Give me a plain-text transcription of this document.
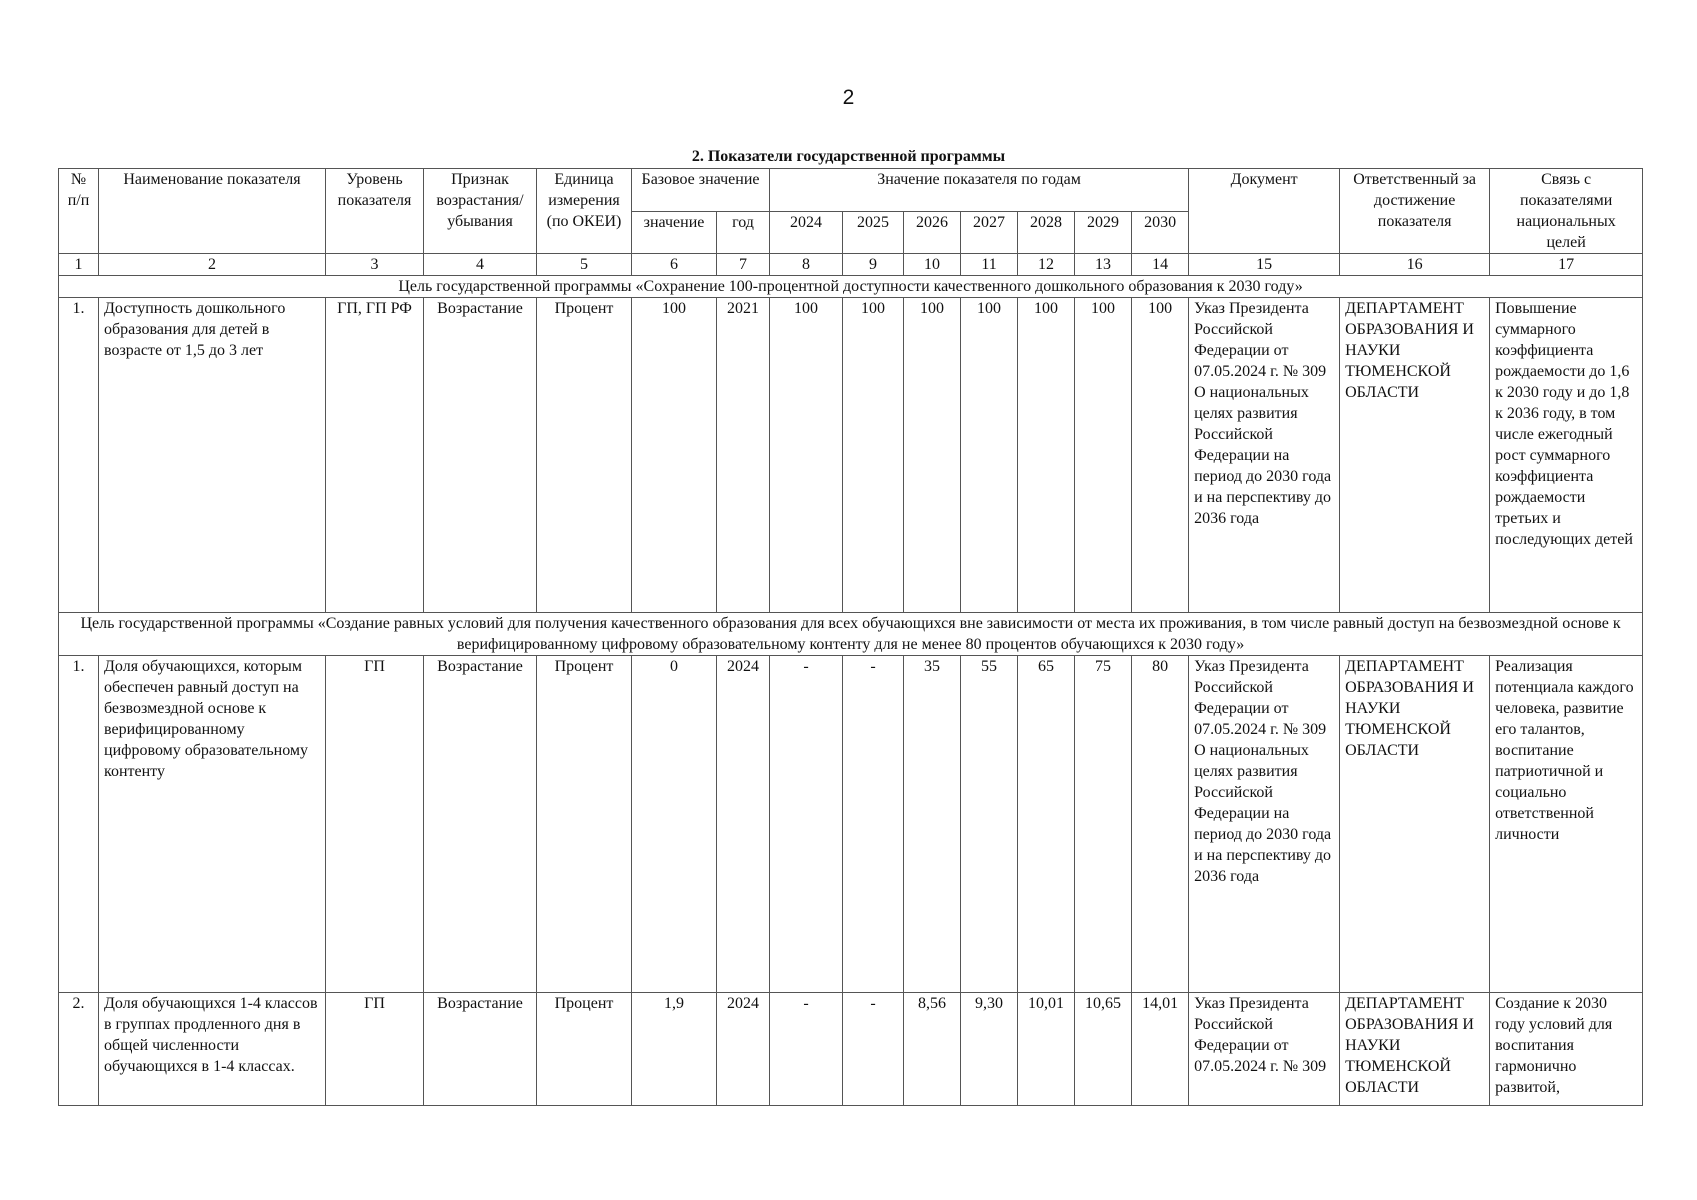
2
2. Показатели государственной программы
№ п/п	Наименование показателя	Уровень показателя	Признак возрастания/ убывания	Единица измерения (по ОКЕИ)	Базовое значение		Значение показателя по годам							Документ	Ответственный за достижение показателя	Связь с показателями национальных целей
					значение	год	2024	2025	2026	2027	2028	2029	2030			
1	2	3	4	5	6	7	8	9	10	11	12	13	14	15	16	17
Цель государственной программы «Сохранение 100-процентной доступности качественного дошкольного образования к 2030 году»																
1.	Доступность дошкольного образования для детей в возрасте от 1,5 до 3 лет	ГП, ГП РФ	Возрастание	Процент	100	2021	100	100	100	100	100	100	100	Указ Президента Российской Федерации от 07.05.2024 г. № 309 О национальных целях развития Российской Федерации на период до 2030 года и на перспективу до 2036 года	ДЕПАРТАМЕНТ ОБРАЗОВАНИЯ И НАУКИ ТЮМЕНСКОЙ ОБЛАСТИ	Повышение суммарного коэффициента рождаемости до 1,6 к 2030 году и до 1,8 к 2036 году, в том числе ежегодный рост суммарного коэффициента рождаемости третьих и последующих детей
Цель государственной программы «Создание равных условий для получения качественного образования для всех обучающихся вне зависимости от места их проживания, в том числе равный доступ на безвозмездной основе к верифицированному цифровому образовательному контенту для не менее 80 процентов обучающихся к 2030 году»																
1.	Доля обучающихся, которым обеспечен равный доступ на безвозмездной основе к верифицированному цифровому образовательному контенту	ГП	Возрастание	Процент	0	2024	-	-	35	55	65	75	80	Указ Президента Российской Федерации от 07.05.2024 г. № 309 О национальных целях развития Российской Федерации на период до 2030 года и на перспективу до 2036 года	ДЕПАРТАМЕНТ ОБРАЗОВАНИЯ И НАУКИ ТЮМЕНСКОЙ ОБЛАСТИ	Реализация потенциала каждого человека, развитие его талантов, воспитание патриотичной и социально ответственной личности
2.	Доля обучающихся 1-4 классов в группах продленного дня в общей численности обучающихся в 1-4 классах.	ГП	Возрастание	Процент	1,9	2024	-	-	8,56	9,30	10,01	10,65	14,01	Указ Президента Российской Федерации от 07.05.2024 г. № 309	ДЕПАРТАМЕНТ ОБРАЗОВАНИЯ И НАУКИ ТЮМЕНСКОЙ ОБЛАСТИ	Создание к 2030 году условий для воспитания гармонично развитой,
